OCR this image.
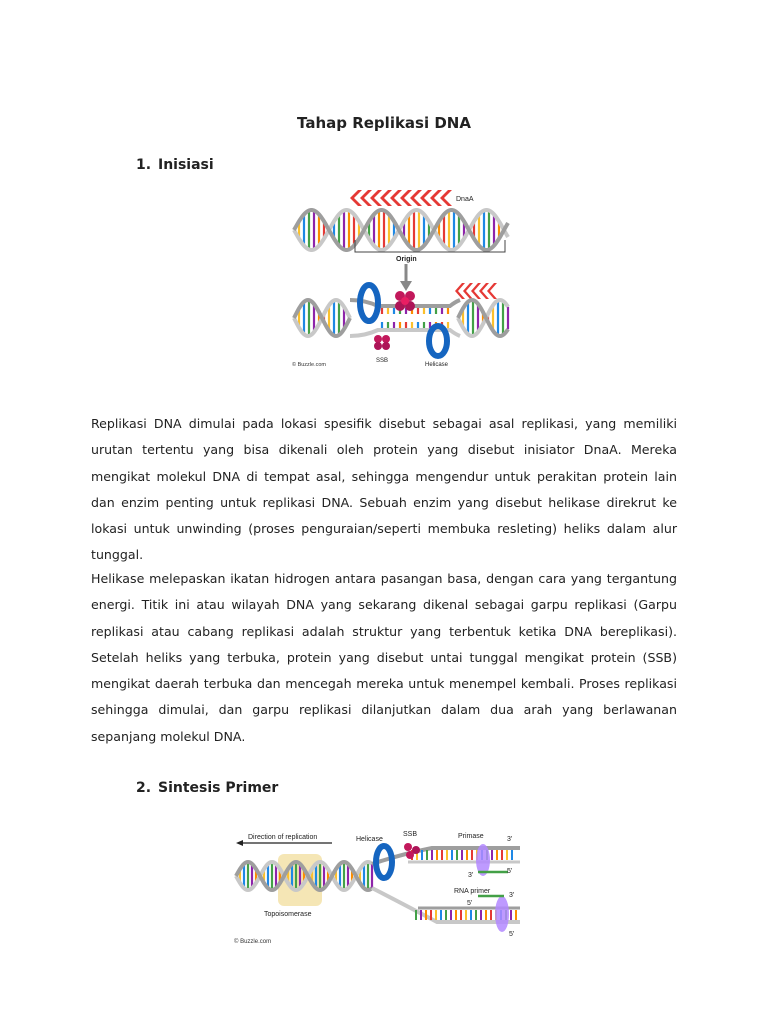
Tahap Replikasi DNA
1. Inisiasi
DnaA
Origin
SSB
Helicase
© Buzzle.com

Replikasi DNA dimulai pada lokasi spesifik disebut sebagai asal replikasi, yang memiliki urutan tertentu yang bisa dikenali oleh protein yang disebut inisiator DnaA. Mereka mengikat molekul DNA di tempat asal, sehingga mengendur untuk perakitan protein lain dan enzim penting untuk replikasi DNA. Sebuah enzim yang disebut helikase direkrut ke lokasi untuk unwinding (proses penguraian/seperti membuka resleting) heliks dalam alur tunggal.

Helikase melepaskan ikatan hidrogen antara pasangan basa, dengan cara yang tergantung energi. Titik ini atau wilayah DNA yang sekarang dikenal sebagai garpu replikasi (Garpu replikasi atau cabang replikasi adalah struktur yang terbentuk ketika DNA bereplikasi). Setelah heliks yang terbuka, protein yang disebut untai tunggal mengikat protein (SSB) mengikat daerah terbuka dan mencegah mereka untuk menempel kembali. Proses replikasi sehingga dimulai, dan garpu replikasi dilanjutkan dalam dua arah yang berlawanan sepanjang molekul DNA.

2. Sintesis Primer
Direction of replication	Helicase
SSB	Primase	3'
5'
3'
RNA primer
3'
5'
5'
Topoisomerase
© Buzzle.com
